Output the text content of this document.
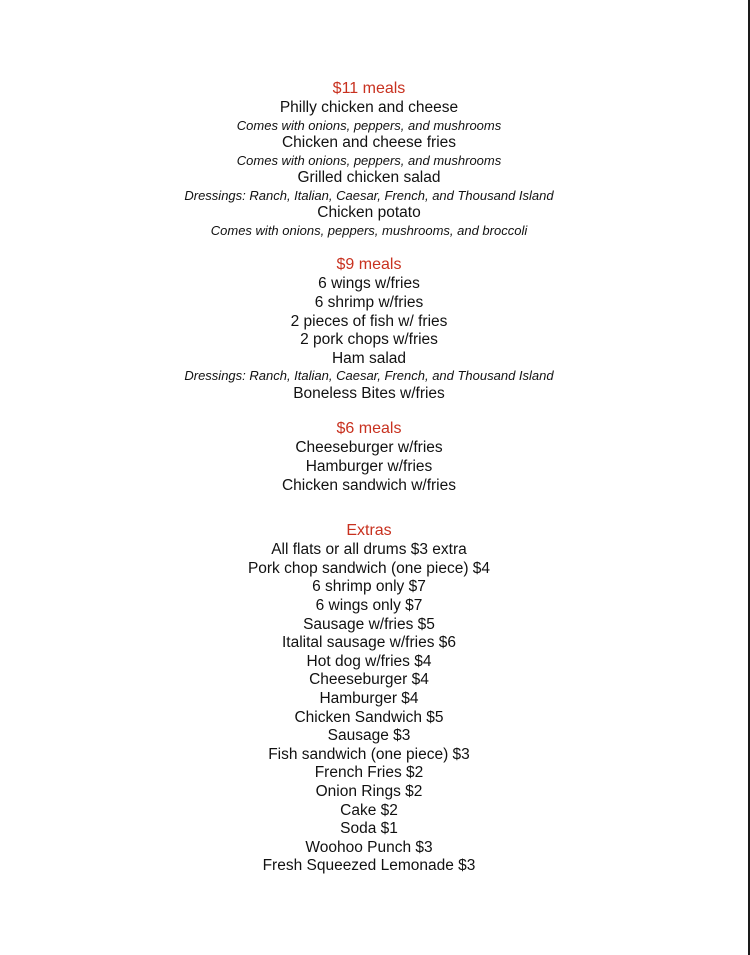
$11 meals

Philly chicken and cheese

Comes with onions, peppers, and mushrooms

Chicken and cheese fries

Comes with onions, peppers, and mushrooms

Grilled chicken salad

Dressings: Ranch, Italian, Caesar, French, and Thousand Island

Chicken potato

Comes with onions, peppers, mushrooms, and broccoli

$9 meals

6 wings w/fries

6 shrimp w/fries

2 pieces of fish w/ fries

2 pork chops w/fries

Ham salad

Dressings: Ranch, Italian, Caesar, French, and Thousand Island

Boneless Bites w/fries

$6 meals

Cheeseburger w/fries

Hamburger w/fries

Chicken sandwich w/fries

Extras

All flats or all drums $3 extra

Pork chop sandwich (one piece) $4

6 shrimp only $7

6 wings only $7

Sausage w/fries $5

Italital sausage w/fries $6

Hot dog w/fries $4

Cheeseburger $4

Hamburger $4

Chicken Sandwich $5

Sausage $3

Fish sandwich (one piece) $3

French Fries $2

Onion Rings $2

Cake $2

Soda $1

Woohoo Punch $3

Fresh Squeezed Lemonade $3
